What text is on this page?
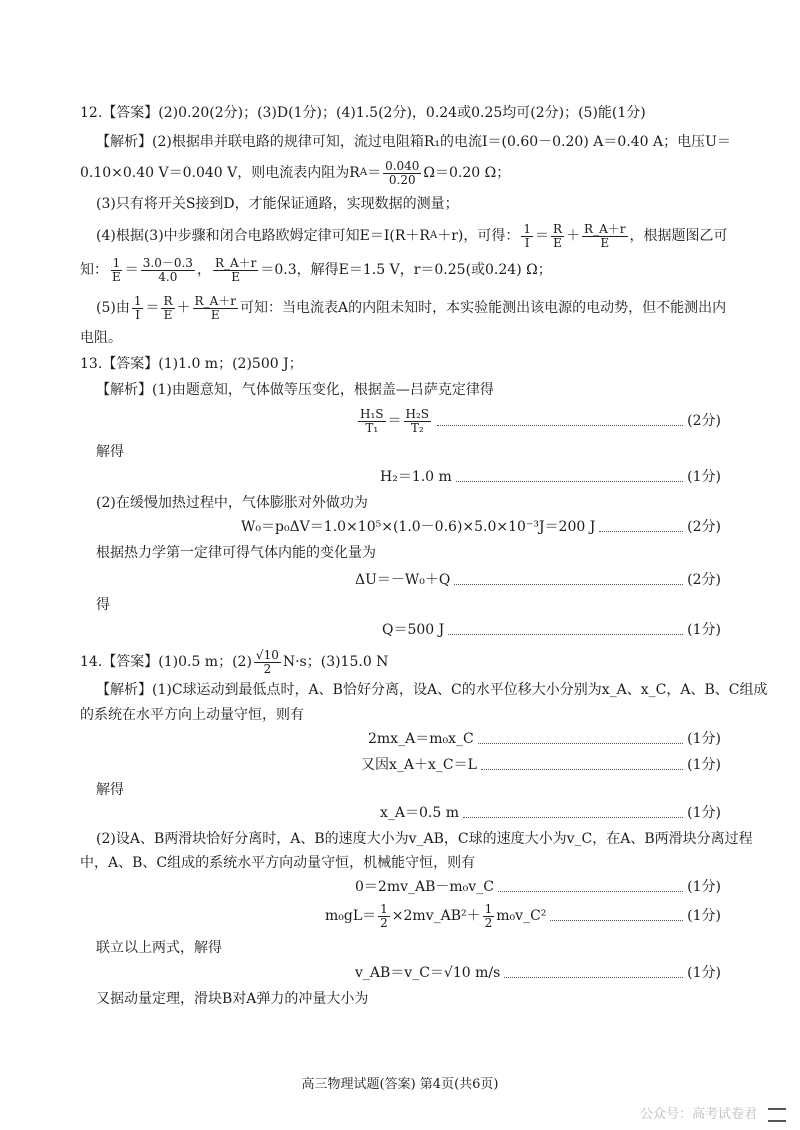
12.【答案】(2)0.20(2分)；(3)D(1分)；(4)1.5(2分)，0.24或0.25均可(2分)；(5)能(1分)
【解析】(2)根据串并联电路的规律可知，流过电阻箱R₁的电流I＝(0.60－0.20) A＝0.40 A；电压U＝
0.10×0.40 V＝0.040 V，则电流表内阻为R $A = \frac{0.040}{0.20} \Omega=0.20$ Ω；
(3)只有将开关S接到D，才能保证通路，实现数据的测量；
(4)根据(3)中步骤和闭合电路欧姆定律可知E＝I(R＋R A ＋r)，可得： $\frac{1}{I} = \frac{R}{E} + \frac{R\_A+r}{E}$ ，根据题图乙可
知： $\frac{1}{E} = \frac{3.0-0.3}{4.0}$ ， $\frac{R\_A+r}{E} =0.3$，解得E＝1.5 V，r＝0.25(或0.24) Ω；
(5)由 $\frac{1}{I} = \frac{R}{E} + \frac{R\_A+r}{E}$ 可知：当电流表A的内阻未知时，本实验能测出该电源的电动势，但不能测出内
电阻。
13.【答案】(1)1.0 m；(2)500 J；
【解析】(1)由题意知，气体做等压变化，根据盖—吕萨克定律得
$\frac{\text{H₁S}}{\text{T₁}} = \frac{\text{H₂S}}{\text{T₂}}$	(2分)
解得
H₂＝1.0 m	(1分)
(2)在缓慢加热过程中，气体膨胀对外做功为
W₀＝p₀ΔV＝1.0×10⁵×(1.0－0.6)×5.0×10⁻³J＝200 J	(2分)
根据热力学第一定律可得气体内能的变化量为
ΔU＝－W₀＋Q	(2分)
得
Q＝500 J	(1分)
14.【答案】(1)0.5 m；$(2) \frac{√10}{2} N\cdot s$；(3)15.0 N
【解析】(1)C球运动到最低点时，A、B恰好分离，设A、C的水平位移大小分别为x_A、x_C，A、B、C组成
的系统在水平方向上动量守恒，则有
2mx_A＝m₀x_C	(1分)
又因x_A＋x_C＝L	(1分)
解得
x_A＝0.5 m	(1分)
(2)设A、B两滑块恰好分离时，A、B的速度大小为v_AB，C球的速度大小为v_C，在A、B两滑块分离过程
中，A、B、C组成的系统水平方向动量守恒，机械能守恒，则有
0＝2mv_AB－m₀v_C	(1分)
$m_0gL= \frac{1}{2}$ ×2mv_AB²＋ $\frac{1}{2}$ m₀v_C²	(1分)
联立以上两式，解得
v_AB＝v_C＝√10 m/s	(1分)
又据动量定理，滑块B对A弹力的冲量大小为
高三物理试题(答案) 第4页(共6页)
公众号：高考试卷君
